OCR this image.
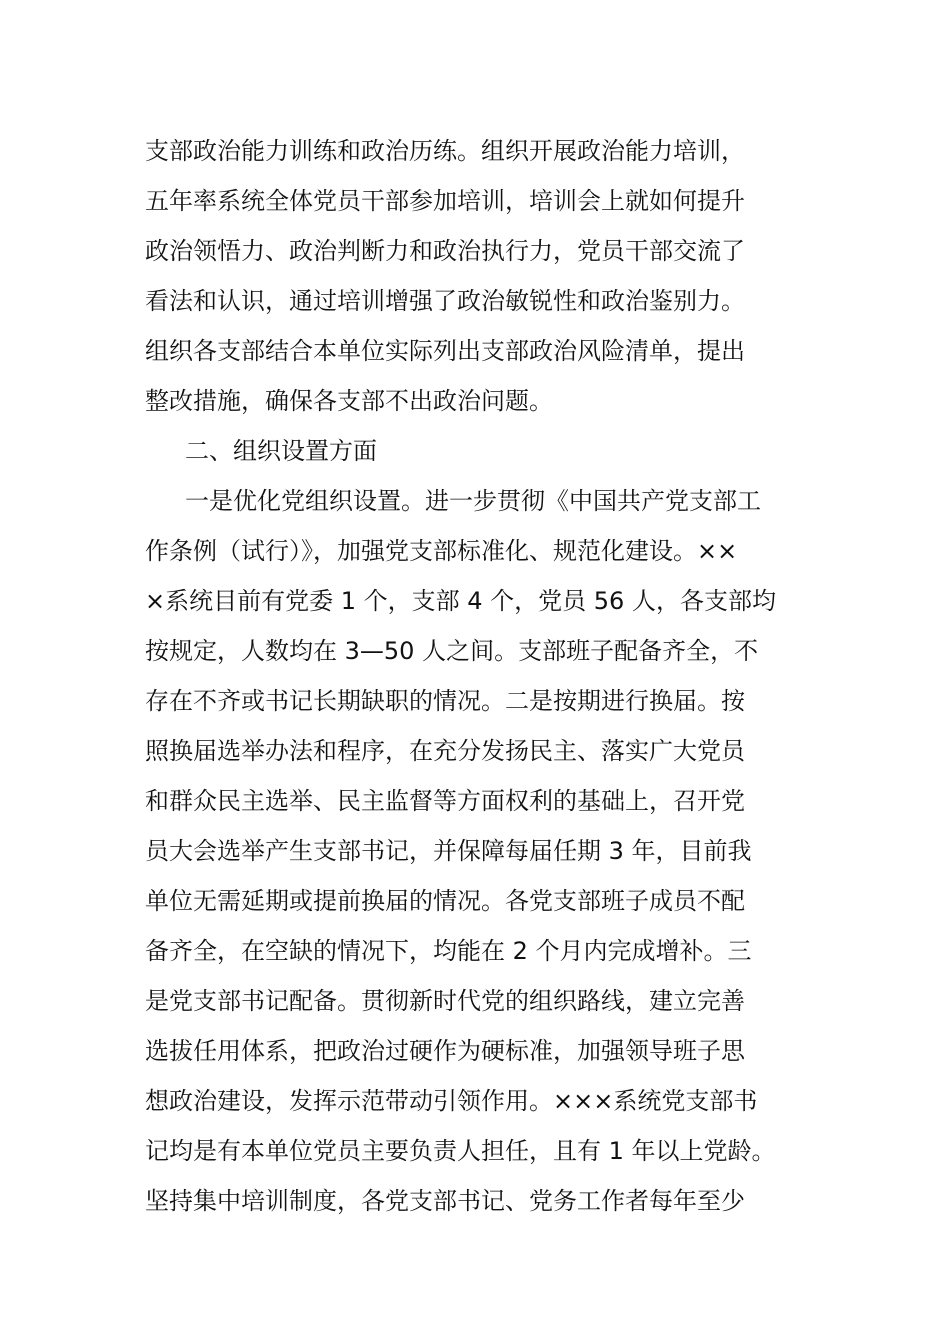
支部政治能力训练和政治历练。组织开展政治能力培训，
五年率系统全体党员干部参加培训，培训会上就如何提升
政治领悟力、政治判断力和政治执行力，党员干部交流了
看法和认识，通过培训增强了政治敏锐性和政治鉴别力。
组织各支部结合本单位实际列出支部政治风险清单，提出
整改措施，确保各支部不出政治问题。
二、组织设置方面
一是优化党组织设置。进一步贯彻《中国共产党支部工
作条例（试行）》，加强党支部标准化、规范化建设。××
×系统目前有党委 1 个，支部 4 个，党员 56 人，各支部均
按规定，人数均在 3—50 人之间。支部班子配备齐全，不
存在不齐或书记长期缺职的情况。二是按期进行换届。按
照换届选举办法和程序，在充分发扬民主、落实广大党员
和群众民主选举、民主监督等方面权利的基础上，召开党
员大会选举产生支部书记，并保障每届任期 3 年，目前我
单位无需延期或提前换届的情况。各党支部班子成员不配
备齐全，在空缺的情况下，均能在 2 个月内完成增补。三
是党支部书记配备。贯彻新时代党的组织路线，建立完善
选拔任用体系，把政治过硬作为硬标准，加强领导班子思
想政治建设，发挥示范带动引领作用。×××系统党支部书
记均是有本单位党员主要负责人担任，且有 1 年以上党龄。
坚持集中培训制度，各党支部书记、党务工作者每年至少
